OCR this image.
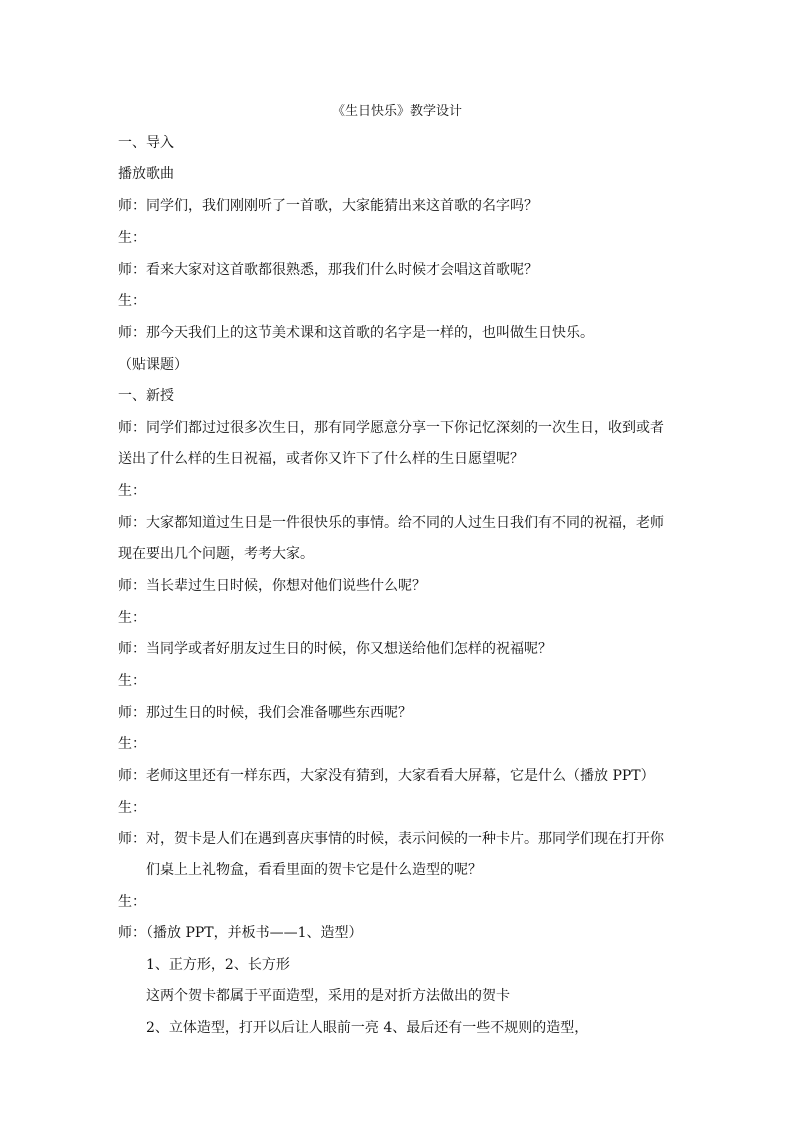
《生日快乐》教学设计
一、导入
播放歌曲
师：同学们，我们刚刚听了一首歌，大家能猜出来这首歌的名字吗？
生：
师：看来大家对这首歌都很熟悉，那我们什么时候才会唱这首歌呢？
生：
师：那今天我们上的这节美术课和这首歌的名字是一样的，也叫做生日快乐。
（贴课题）
一、新授
师：同学们都过过很多次生日，那有同学愿意分享一下你记忆深刻的一次生日，收到或者
送出了什么样的生日祝福，或者你又许下了什么样的生日愿望呢？
生：
师：大家都知道过生日是一件很快乐的事情。给不同的人过生日我们有不同的祝福，老师
现在要出几个问题，考考大家。
师：当长辈过生日时候，你想对他们说些什么呢？
生：
师：当同学或者好朋友过生日的时候，你又想送给他们怎样的祝福呢？
生：
师：那过生日的时候，我们会准备哪些东西呢？
生：
师：老师这里还有一样东西，大家没有猜到，大家看看大屏幕，它是什么（播放 PPT）
生：
师：对，贺卡是人们在遇到喜庆事情的时候，表示问候的一种卡片。那同学们现在打开你
们桌上上礼物盒，看看里面的贺卡它是什么造型的呢？
生：
师：（播放 PPT，并板书——1、造型）
1、正方形，2、长方形
这两个贺卡都属于平面造型，采用的是对折方法做出的贺卡
2、立体造型，打开以后让人眼前一亮 4、最后还有一些不规则的造型，
